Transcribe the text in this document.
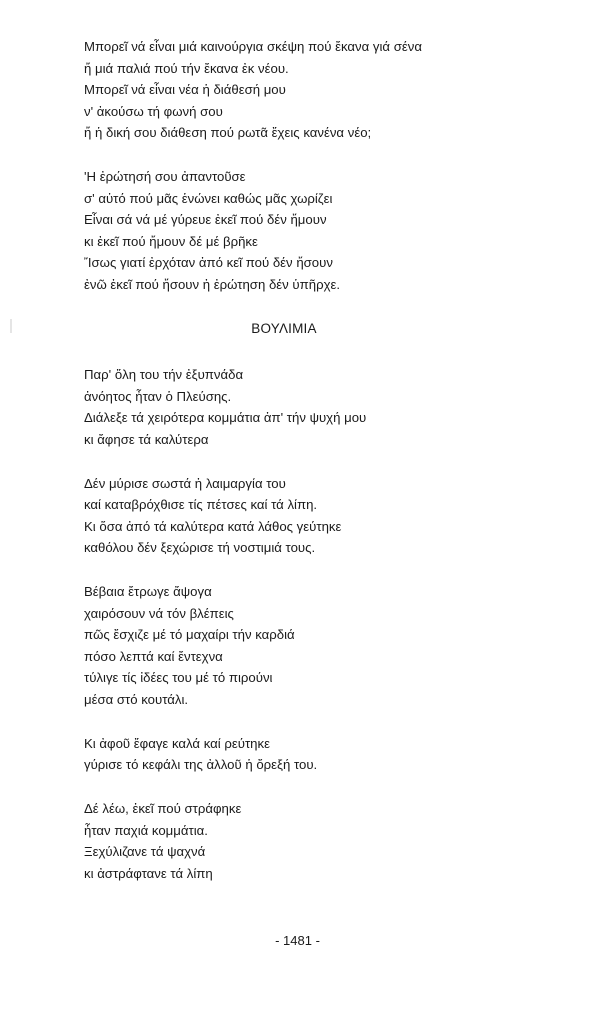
Μπορεῖ νά εἶναι μιά καινούργια σκέψη πού ἔκανα γιά σένα
ἤ μιά παλιά πού τήν ἔκανα ἐκ νέου.
Μπορεῖ νά εἶναι νέα ἡ διάθεσή μου
ν' ἀκούσω τή φωνή σου
ἤ ἡ δική σου διάθεση πού ρωτᾶ ἔχεις κανένα νέο;
'Η ἐρώτησή σου ἀπαντοῦσε
σ' αὐτό πού μᾶς ἑνώνει καθώς μᾶς χωρίζει
Εἶναι σά νά μέ γύρευε ἐκεῖ πού δέν ἤμουν
κι ἐκεῖ πού ἤμουν δέ μέ βρῆκε
Ἴσως γιατί ἐρχόταν ἀπό κεῖ πού δέν ἤσουν
ἐνῶ ἐκεῖ πού ἤσουν ἡ ἐρώτηση δέν ὑπῆρχε.
ΒΟΥΛΙΜΙΑ
Παρ' ὅλη του τήν ἐξυπνάδα
ἀνόητος ἦταν ὁ Πλεύσης.
Διάλεξε τά χειρότερα κομμάτια ἀπ' τήν ψυχή μου
κι ἄφησε τά καλύτερα
Δέν μύρισε σωστά ἡ λαιμαργία του
καί καταβρόχθισε τίς πέτσες καί τά λίπη.
Κι ὅσα ἀπό τά καλύτερα κατά λάθος γεύτηκε
καθόλου δέν ξεχώρισε τή νοστιμιά τους.
Βέβαια ἔτρωγε ἄψογα
χαιρόσουν νά τόν βλέπεις
πῶς ἔσχιζε μέ τό μαχαίρι τήν καρδιά
πόσο λεπτά καί ἔντεχνα
τύλιγε τίς ἰδέες του μέ τό πιρούνι
μέσα στό κουτάλι.
Κι ἀφοῦ ἔφαγε καλά καί ρεύτηκε
γύρισε τό κεφάλι της ἀλλοῦ ἡ ὄρεξή του.
Δέ λέω, ἐκεῖ πού στράφηκε
ἦταν παχιά κομμάτια.
Ξεχύλιζανε τά ψαχνά
κι ἀστράφτανε τά λίπη
- 1481 -
